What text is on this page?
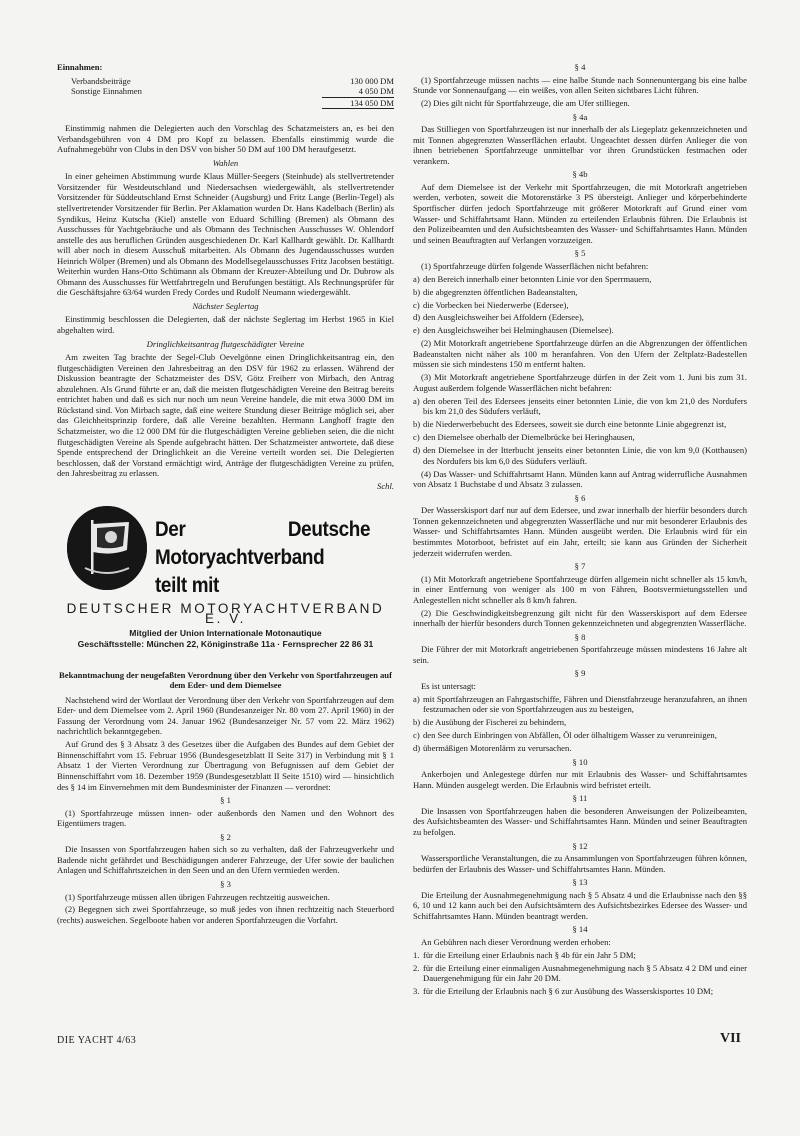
Einnahmen:
Verbandsbeiträge	130 000 DM
Sonstige Einnahmen	4 050 DM
134 050 DM

Einstimmig nahmen die Delegierten auch den Vorschlag des Schatzmeisters an, es bei den Verbandsgebühren von 4 DM pro Kopf zu belassen. Ebenfalls einstimmig wurde die Aufnahmegebühr von Clubs in den DSV von bisher 50 DM auf 100 DM heraufgesetzt.

Wahlen

In einer geheimen Abstimmung wurde Klaus Müller-Seegers (Steinhude) als stellvertretender Vorsitzender für Westdeutschland und Niedersachsen wiedergewählt, als stellvertretender Vorsitzender für Süddeutschland Ernst Schneider (Augsburg) und Fritz Lange (Berlin-Tegel) als stellvertretender Vorsitzender für Berlin. Per Aklamation wurden Dr. Hans Kadelbach (Berlin) als Syndikus, Heinz Kutscha (Kiel) anstelle von Eduard Schilling (Bremen) als Obmann des Ausschusses für Yachtgebräuche und als Obmann des Technischen Ausschusses W. Ohlendorf anstelle des aus beruflichen Gründen ausgeschiedenen Dr. Karl Kallhardt gewählt. Dr. Kallhardt will aber noch in diesem Ausschuß mitarbeiten. Als Obmann des Jugendausschusses wurden Heinrich Wölper (Bremen) und als Obmann des Modellsegelausschusses Fritz Jacobsen bestätigt. Weiterhin wurden Hans-Otto Schümann als Obmann der Kreuzer-Abteilung und Dr. Dubrow als Obmann des Ausschusses für Wettfahrtregeln und Berufungen bestätigt. Als Rechnungsprüfer für die Geschäftsjahre 63/64 wurden Fredy Cordes und Rudolf Neumann wiedergewählt.

Nächster Seglertag

Einstimmig beschlossen die Delegierten, daß der nächste Seglertag im Herbst 1965 in Kiel abgehalten wird.

Dringlichkeitsantrag flutgeschädigter Vereine

Am zweiten Tag brachte der Segel-Club Oevelgönne einen Dringlichkeitsantrag ein, den flutgeschädigten Vereinen den Jahresbeitrag an den DSV für 1962 zu erlassen. Während der Diskussion beantragte der Schatzmeister des DSV, Götz Freiherr von Mirbach, den Antrag abzulehnen. Als Grund führte er an, daß die meisten flutgeschädigten Vereine den Beitrag bereits entrichtet haben und daß es sich nur noch um neun Vereine handele, die mit etwa 3000 DM im Rückstand sind. Von Mirbach sagte, daß eine weitere Stundung dieser Beiträge möglich sei, aber das Gleichheitsprinzip fordere, daß alle Vereine bezahlten. Hermann Langhoff fragte den Schatzmeister, wo die 12 000 DM für die flutgeschädigten Vereine geblieben seien, die die nicht flutgeschädigten Vereine als Spende aufgebracht hätten. Der Schatzmeister antwortete, daß diese Spende entsprechend der Dringlichkeit an die Vereine verteilt worden sei. Die Delegierten beschlossen, daß der Vorstand ermächtigt wird, Anträge der flutgeschädigten Vereine zu prüfen, den Jahresbeitrag zu erlassen.

Schl.
Der Deutsche Motoryachtverband
teilt mit
DEUTSCHER MOTORYACHTVERBAND E. V.
Mitglied der Union Internationale Motonautique
Geschäftsstelle: München 22, Königinstraße 11a · Fernsprecher 22 86 31
Bekanntmachung der neugefaßten Verordnung über den Verkehr von Sportfahrzeugen auf dem Eder- und dem Diemelsee

Nachstehend wird der Wortlaut der Verordnung über den Verkehr von Sportfahrzeugen auf dem Eder- und dem Diemelsee vom 2. April 1960 (Bundesanzeiger Nr. 80 vom 27. April 1960) in der Fassung der Verordnung vom 24. Januar 1962 (Bundesanzeiger Nr. 57 vom 22. März 1962) nachrichtlich bekanntgegeben.

Auf Grund des § 3 Absatz 3 des Gesetzes über die Aufgaben des Bundes auf dem Gebiet der Binnenschiffahrt vom 15. Februar 1956 (Bundesgesetzblatt II Seite 317) in Verbindung mit § 1 Absatz 1 der Vierten Verordnung zur Übertragung von Befugnissen auf dem Gebiet der Binnenschiffahrt vom 18. Dezember 1959 (Bundesgesetzblatt II Seite 1510) wird — hinsichtlich des § 14 im Einvernehmen mit dem Bundesminister der Finanzen — verordnet:

§ 1

(1) Sportfahrzeuge müssen innen- oder außenbords den Namen und den Wohnort des Eigentümers tragen.

§ 2

Die Insassen von Sportfahrzeugen haben sich so zu verhalten, daß der Fahrzeugverkehr und Badende nicht gefährdet und Beschädigungen anderer Fahrzeuge, der Ufer sowie der baulichen Anlagen und Schiffahrtszeichen in den Seen und an den Ufern vermieden werden.

§ 3

(1) Sportfahrzeuge müssen allen übrigen Fahrzeugen rechtzeitig ausweichen.

(2) Begegnen sich zwei Sportfahrzeuge, so muß jedes von ihnen rechtzeitig nach Steuerbord (rechts) ausweichen. Segelboote haben vor anderen Sportfahrzeugen die Vorfahrt.

§ 4

(1) Sportfahrzeuge müssen nachts — eine halbe Stunde nach Sonnenuntergang bis eine halbe Stunde vor Sonnenaufgang — ein weißes, von allen Seiten sichtbares Licht führen.

(2) Dies gilt nicht für Sportfahrzeuge, die am Ufer stilliegen.

§ 4a

Das Stilliegen von Sportfahrzeugen ist nur innerhalb der als Liegeplatz gekennzeichneten und mit Tonnen abgegrenzten Wasserflächen erlaubt. Ungeachtet dessen dürfen Anlieger die von ihnen betriebenen Sportfahrzeuge unmittelbar vor ihren Grundstücken festmachen oder verankern.

§ 4b

Auf dem Diemelsee ist der Verkehr mit Sportfahrzeugen, die mit Motorkraft angetrieben werden, verboten, soweit die Motorenstärke 3 PS übersteigt. Anlieger und körperbehinderte Sportfischer dürfen jedoch Sportfahrzeuge mit größerer Motorkraft auf Grund einer vom Wasser- und Schiffahrtsamt Hann. Münden zu erteilenden Erlaubnis führen. Die Erlaubnis ist den Polizeibeamten und den Aufsichtsbeamten des Wasser- und Schiffahrtsamtes Hann. Münden und seinen Beauftragten auf Verlangen vorzuzeigen.

§ 5

(1) Sportfahrzeuge dürfen folgende Wasserflächen nicht befahren:

a) den Bereich innerhalb einer betonnten Linie vor den Sperrmauern,

b) die abgegrenzten öffentlichen Badeanstalten,

c) die Vorbecken bei Niederwerbe (Edersee),

d) den Ausgleichsweiher bei Affoldern (Edersee),

e) den Ausgleichsweiher bei Helminghausen (Diemelsee).

(2) Mit Motorkraft angetriebene Sportfahrzeuge dürfen an die Abgrenzungen der öffentlichen Badeanstalten nicht näher als 100 m heranfahren. Von den Ufern der Zeltplatz-Badestellen müssen sie sich mindestens 150 m entfernt halten.

(3) Mit Motorkraft angetriebene Sportfahrzeuge dürfen in der Zeit vom 1. Juni bis zum 31. August außerdem folgende Wasserflächen nicht befahren:

a) den oberen Teil des Edersees jenseits einer betonnten Linie, die von km 21,0 des Nordufers bis km 21,0 des Südufers verläuft,

b) die Niederwerbebucht des Edersees, soweit sie durch eine betonnte Linie abgegrenzt ist,

c) den Diemelsee oberhalb der Diemelbrücke bei Heringhausen,

d) den Diemelsee in der Itterbucht jenseits einer betonnten Linie, die von km 9,0 (Kotthausen) des Nordufers bis km 6,0 des Südufers verläuft.

(4) Das Wasser- und Schiffahrtsamt Hann. Münden kann auf Antrag widerrufliche Ausnahmen von Absatz 1 Buchstabe d und Absatz 3 zulassen.

§ 6

Der Wasserskisport darf nur auf dem Edersee, und zwar innerhalb der hierfür besonders durch Tonnen gekennzeichneten und abgegrenzten Wasserfläche und nur mit besonderer Erlaubnis des Wasser- und Schiffahrtsamtes Hann. Münden ausgeübt werden. Die Erlaubnis wird für ein bestimmtes Motorboot, befristet auf ein Jahr, erteilt; sie kann aus Gründen der Sicherheit jederzeit widerrufen werden.

§ 7

(1) Mit Motorkraft angetriebene Sportfahrzeuge dürfen allgemein nicht schneller als 15 km/h, in einer Entfernung von weniger als 100 m von Fähren, Bootsvermietungsstellen und Anlegestellen nicht schneller als 8 km/h fahren.

(2) Die Geschwindigkeitsbegrenzung gilt nicht für den Wasserskisport auf dem Edersee innerhalb der hierfür besonders durch Tonnen gekennzeichneten und abgegrenzten Wasserfläche.

§ 8

Die Führer der mit Motorkraft angetriebenen Sportfahrzeuge müssen mindestens 16 Jahre alt sein.

§ 9

Es ist untersagt:

a) mit Sportfahrzeugen an Fahrgastschiffe, Fähren und Dienstfahrzeuge heranzufahren, an ihnen festzumachen oder sie von Sportfahrzeugen aus zu besteigen,

b) die Ausübung der Fischerei zu behindern,

c) den See durch Einbringen von Abfällen, Öl oder ölhaltigem Wasser zu verunreinigen,

d) übermäßigen Motorenlärm zu verursachen.

§ 10

Ankerbojen und Anlegestege dürfen nur mit Erlaubnis des Wasser- und Schiffahrtsamtes Hann. Münden ausgelegt werden. Die Erlaubnis wird befristet erteilt.

§ 11

Die Insassen von Sportfahrzeugen haben die besonderen Anweisungen der Polizeibeamten, des Aufsichtsbeamten des Wasser- und Schiffahrtsamtes Hann. Münden und seiner Beauftragten zu befolgen.

§ 12

Wassersportliche Veranstaltungen, die zu Ansammlungen von Sportfahrzeugen führen können, bedürfen der Erlaubnis des Wasser- und Schiffahrtsamtes Hann. Münden.

§ 13

Die Erteilung der Ausnahmegenehmigung nach § 5 Absatz 4 und die Erlaubnisse nach den §§ 6, 10 und 12 kann auch bei den Aufsichtsämtern des Aufsichtsbezirkes Edersee des Wasser- und Schiffahrtsamtes Hann. Münden beantragt werden.

§ 14

An Gebühren nach dieser Verordnung werden erhoben:

1. für die Erteilung einer Erlaubnis nach § 4b für ein Jahr 5 DM;

2. für die Erteilung einer einmaligen Ausnahmegenehmigung nach § 5 Absatz 4 2 DM und einer Dauergenehmigung für ein Jahr 20 DM.

3. für die Erteilung der Erlaubnis nach § 6 zur Ausübung des Wasserskisportes 10 DM;

DIE YACHT 4/63	VII
